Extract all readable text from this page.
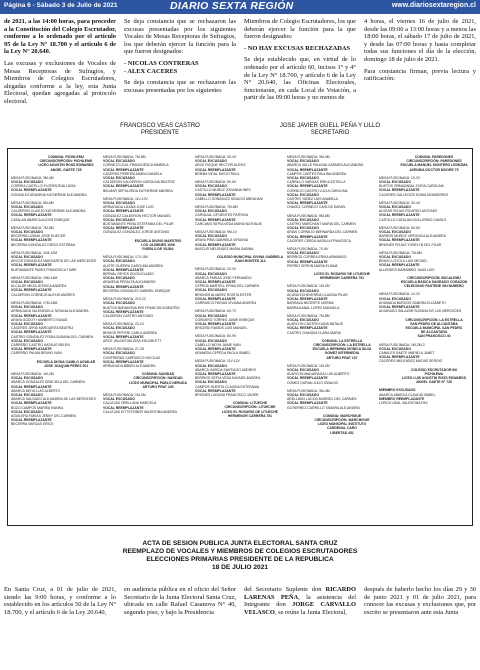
Página 6 - Sábado 3 de Julio de 2021	DIARIO SEXTA REGIÓN	www.diariosextaregion.cl

de 2021, a las 14:00 horas, para proceder a la Constitución del Colegio Escrutador, conforme a lo ordenado por el artículo 95 de la Ley N° 18.700 y el artículo 6 de la Ley N° 20.640.

Las excusas y exclusiones de Vocales de Mesas Receptoras de Sufragios, y Miembros de Colegios Escrutadores, alegadas conforme a la ley, esta Junta Electoral, quedan agregadas al protocolo electoral.

Se deja constancia que se rechazaron las excusas presentadas por los siguientes Vocales de Mesas Receptoras de Sufragios, los que deberán ejercer la función para la que fueron designados:

- NICOLAS CONTRERAS

- ALEX CACERES

Se deja constancia que se rechazaron las excusas presentadas por los siguientes

Miembros de Colegio Escrutadores, los que deberán ejercer la función para la que fueron designados:

- NO HAY EXCUSAS RECHAZADAS

Se deja establecido que, en virtud de lo ordenado por el artículo 60, incisos 1° y 4° de la Ley N° 18.700, y artículo 6 de la Ley N° 20.640, las Oficinas Electorales, funcionarán, en cada Local de Votación, a partir de las 09:00 horas y no menos de

4 horas, el viernes 16 de julio de 2021, desde las 09:00 a 13:00 horas y a menos las 18:00 horas, el sábado 17 de julio de 2021, y desde las 07:00 horas y hasta completar todas sus funciones el día de la elección, domingo 18 de julio de 2021.

Para constancia firman, previa lectura y ratificación:

FRANCISCO VEAS CASTRO
PRESIDENTE
JOSE JAVIER GUELL PEÑA Y LILLO
SECRETARIO
COMUNA: PICHILEMU
CIRCUNSCRIPCIÓN: PICHILEMU
LICEO AGUSTIN ROSS EDWARDS
ANGEL GAETE 725
MESA FUSIONADA: 3M-4M
VOCAL EXCUSADO
CORREA CASTILLO FLORENTINA LUISA
VOCAL REEMPLAZANTE
GONZALEZ ARAVENA KATHERINE ALEJANDRA
MESA FUSIONADA: 5M-6M
VOCAL EXCUSADO
CALDERON CLAVIJO KATHERINE ALEJANDRA
VOCAL REEMPLAZANTE
CATALAN ABARCA ALEXIS ENRIQUE
MESA FUSIONADA: 7M-8M
VOCAL EXCUSADO
BECERRA LIZAMA JOSE ELIECER
VOCAL REEMPLAZANTE
BECERRA GONZALEZ DIEGO ESTEBAN
MESA FUSIONADA: 11M-12M
VOCAL EXCUSADO
ARCOS GONZALEZ MARGARITA DE LAS MERCEDES
VOCAL REEMPLAZANTE
BUSTAMANTE PAVEZ FRANCISCA TIARE
MESA FUSIONADA: 15M-16M
VOCAL EXCUSADO
ALCALDE MEZA JESSICA ANDREA
VOCAL REEMPLAZANTE
CALDERON CORNEJO ALEXIS ANDRES
MESA FUSIONADA: 17M-18M
VOCAL EXCUSADO
ARRIAGADA VALENZUELA TATIANA ALEJANDRA
VOCAL REEMPLAZANTE
ARAYA GODOY HUMBERTO ISAIAS
VOCAL EXCUSADO
CACERES JERIA MARGARITA BEATRIZ
VOCAL REEMPLAZANTE
CASTRO GONZALEZ FRIDA SUSANA DEL CARMEN
VOCAL EXCUSADO
CARREÑO CASTRO NATALIE BELEN
VOCAL REEMPLAZANTE
CARREÑO PALMA BRUNO IVAN
ESCUELA DIGNA CAMILO AGUILAR
JOSE JOAQUIN PEREZ 201
MESA FUSIONADA: 1M-2M
VOCAL EXCUSADO
ABARCA GONZALEZ GRACIELA DEL CARMEN
VOCAL REEMPLAZANTE
ABARCA MOYA LUIS ALBERTO
VOCAL EXCUSADO
ABARCA SALGADO ALEJANDRA DE LAS MERCEDES
VOCAL REEMPLAZANTE
BOZO CAMPOS MARISA IVANKA
VOCAL EXCUSADO
AGUILERA FARIAS JENNY DEL CARMEN
VOCAL REEMPLAZANTE
BECERRA VARGAS ERICK
MESA FUSIONADA: 7M-8M
VOCAL EXCUSADO
CORNEJO LEAL FRANCHESCA MARIELA
VOCAL REEMPLAZANTE
CACERES PEREIRA MARIA DANIELA
VOCAL EXCUSADO
CALDERON CALDERON CAROLINA BEATRIZ
VOCAL REEMPLAZANTE
BELMAR SEPULVEDA KATHERINE ANDREA
MESA FUSIONADA: 11V-12V
VOCAL EXCUSADO
ARRIAGADA LIZANA JOSE LUIS
VOCAL REEMPLAZANTE
GONZALEZ CALDERON HECTOR MANUEL
VOCAL EXCUSADO
BUSTAMANTE PEÑA ESTEFANIA DEL PILAR
VOCAL REEMPLAZANTE
GONZALEZ GONZALEZ JORGE ANTONIO
ESCUELA DIVINO MAESTRO
LOS JAZMINES 1006
PUEBLO DE VIUDA
MESA FUSIONADA: 17V-18V
VOCAL EXCUSADO
ALISTE GUERRA CAROLINA ANDREA
VOCAL REEMPLAZANTE
BERNAL REYES DIXON ELADIO
VOCAL EXCUSADO
ARAVENA PERALTA ALEJANDRO
VOCAL REEMPLAZANTE
BECERRA GONZALEZ GABRIEL ENRIQUE
MESA FUSIONADA: 21V-22
VOCAL EXCUSADO
BUSTOS BARAHONA IRIS FRANCISCA BEATRIZ
VOCAL REEMPLAZANTE
CALDERON CASTRO ANTONIO
MESA FUSIONADA: 23-24
VOCAL EXCUSADO
BRIGGS PIFFERI CARLA ANDREA
VOCAL REEMPLAZANTE
ARCE VALDES MILISSA ESCARLETT
MESA FUSIONADA: 27-28
VOCAL EXCUSADO
CONTRERAS CARRASCO NICOLAS
VOCAL REEMPLAZANTE
ARRIAGADA BIBIEN ALEJANDRA
COMUNA: NAVIDAD
CIRCUNSCRIPCIÓN: NAVIDAD
LICEO MUNICIPAL PABLO NERUDA
ARTURO PRAT 245
MESA FUSIONADA: 1M-2M
VOCAL EXCUSADO
CALLEJAS ORELLANA MARCELA
VOCAL REEMPLAZANTE
CALLEJAS KITTSTEINER VALENTINA ANDREA
MESA FUSIONADA: 3V-4V
VOCAL EXCUSADO
ARCE ROQUE HECTOR ALEXIS
VOCAL REEMPLAZANTE
BRIEBA VIDAL DIEGO RAUL
MESA FUSIONADA: 5V-6V
VOCAL EXCUSADO
CASTILLO MUÑOZ JOHANNA INES
VOCAL REEMPLAZANTE
CABELLO GONZALEZ IGNACIO ABRAHAM
MESA FUSIONADA: 7M-8M
VOCAL EXCUSADO
CARVAJAL CIFUENTES PATRICIA
VOCAL REEMPLAZANTE
CARCAMO SEPULVEDA MARIA NATHALIE
MESA FUSIONADA: 9M-10
VOCAL EXCUSADO
ARAYA PIÑA GABRIELA VIRGINIA
VOCAL REEMPLAZANTE
BASCUR MELENDEZ MARIA SABINA
COLEGIO MUNICIPAL DIVINA GABRIELA
JUAN MONTES 114
MESA FUSIONADA: 2V-3V
VOCAL EXCUSADO
ABARCA FARIAS JOSE FERNANDO
VOCAL REEMPLAZANTE
CEPEDA MARTELL ERIKA DEL CARMEN
VOCAL EXCUSADO
BRIONES ALVAREZ ROSITA ESTER
VOCAL REEMPLAZANTE
CARRASCO FARIAS VIVIANA ANDREA
MESA FUSIONADA: 6V-7V
VOCAL EXCUSADO
CORDERO TORRES JAIME ENRIQUE
VOCAL REEMPLAZANTE
BRICEÑO RAMOS LUIS MANUEL
MESA FUSIONADA: 8V-9V
VOCAL EXCUSADO
CABELLO MOYA JAIME IVAN
VOCAL REEMPLAZANTE
ARANEDA CEPEDA PAOLA ISABEL
MESA FUSIONADA: 11V-12V
VOCAL EXCUSADO
ABARCA GARCIA SANTIAGO ANDRES
VOCAL REEMPLAZANTE
BERRIOS SEPULVEDA NAYADE ANDREA
VOCAL EXCUSADO
CAMPOS HUERTA CLAUDIA ESTEFANIA
VOCAL REEMPLAZANTE
BRIONES LAGUNA FRANCISCO JAVIER
COMUNA: LITUECHE
CIRCUNSCRIPCIÓN: LITUECHE
LICEO EL ROSARIO DE LITUECHE
HERMENOR CARRERA 751
MESA FUSIONADA: 3M-4M
VOCAL EXCUSADO
ABARCA VALLE PAULINA CARMEN ALEJANDRA
VOCAL REEMPLAZANTE
CAMPOS CARTES PAULINA ANDREA
VOCAL EXCUSADO
CARRILLO VARGAS ERIKA ESTELLA
VOCAL REEMPLAZANTE
CORNEJO CASTRO LUCIA CAROLINA
VOCAL EXCUSADO
CASTRO YAÑEZ LUIS ANABELA
VOCAL REEMPLAZANTE
CHAVEZ CORNEJO CARLOS DANIEL
MESA FUSIONADA: 5M-6M
VOCAL EXCUSADO
CASTRO MARCHANT MARIA DEL CARMEN
VOCAL EXCUSADO
ARIAS CORNEJO BERNARDA DEL CARMEN
VOCAL REEMPLAZANTE
CACERES CERDA NATALIA FRANCISCA
MESA FUSIONADA: 7V-8V
VOCAL EXCUSADO
BERRIOS CORREA ERIKA ARMANDO
VOCAL REEMPLAZANTE
PIERRO CERON MARIA ELIANA
LICEO EL ROSARIO DE LITUECHE
HERMENOR CARRERA 751
MESA FUSIONADA: 1M-2M
VOCAL EXCUSADO
ACUÑA ECHEVERRIA CLAUDIA PILAR
VOCAL REEMPLAZANTE
BARRAZA NEGRETE NORMA
BARRAGANAL LOPEZ MANUELA
MESA FUSIONADA: 7M-8M
VOCAL EXCUSADO
ALARCON CASTRO DANA NATALIE
VOCAL REEMPLAZANTE
CASTRO CHANDIA CLARA MARIA
COMUNA: LA ESTRELLA
CIRCUNSCRIPCIÓN: LA ESTRELLA
ESCUELA HERMINIA MONICA SILVA
GOMEZ INTERMEDIA
ARTURO PRAT 137
MESA FUSIONADA: 1M-2M
VOCAL EXCUSADO
ALARCON MADARIAGA LUIS ALBERTO
VOCAL REEMPLAZANTE
GOMEZ DURAN JULIO IGNACIO
MESA FUSIONADA: 3M-4M
VOCAL EXCUSADO
ARELLANO LAGOS MARISEL DEL CARMEN
VOCAL REEMPLAZANTE
GUTIERREZ CARRILLO TAMARA ALEJANDRA
COMUNA: MARCHIGUE
CIRCUNSCRIPCIÓN: MARCHIGUE
LICEO MUNICIPAL INSTITUTO
CARDENAL CARO
LIBERTAD 451
COMUNA: PAREDONES
CIRCUNSCRIPCIÓN: PAREDONES
ESCUELA MANUEL MONTERO LEDEZMA
AVENIDA DOCTOR MOORE 75
MESA FUSIONADA: 1V-2V
VOCAL EXCUSADO
BUSTOS ORMAZABAL SOFIA CAROLINA
VOCAL REEMPLAZANTE
CACERES GALLEGOS SONIA MONSERRAT
MESA FUSIONADA: 3V-4V
VOCAL EXCUSADO
ALVEAR ROJAS RICARDO ANTONIO
VOCAL REEMPLAZANTE
CASTILLO CATALAN GUILLERMO CAMILO
MESA FUSIONADA: 5V-6V
VOCAL EXCUSADO
BARROS MUÑOZ VERONICA ALEJANDRA
VOCAL REEMPLAZANTE
BRIONES ROJAS YOSELYN DEL PILAR
MESA FUSIONADA: 7M-8M
VOCAL EXCUSADO
BRAVO LOYOLA LUIS MIGUEL
VOCAL REEMPLAZANTE
ALLENDES MARAMBIO JUAN LUIS
CIRCUNSCRIPCIÓN: BUCALEMU
ESCUELA BASICA SAGRADO CORAZON
CELEDONIO PASTENE SIN NUMERO
MESA FUSIONADA: 1V-2V
VOCAL EXCUSADO
AHUMADA BURGOS SANDRA ELIZABETH
VOCAL REEMPLAZANTE
ALVARADO SALAZAR SUSANA DE LAS MERCEDES
CIRCUNSCRIPCIÓN: LA ESTRELLA
SAN PEDRO DE ALCANTARA
ESCUELA MUNICIPAL SAN PEDRO
DE ALCANTARA
SAN FRANCISCO 40
MESA FUSIONADA: 1M-2M-3
VOCAL EXCUSADO
CANALES GAETE MARIELA JANET
VOCAL REEMPLAZANTE
CACERES MELENDEZ MATIAS SERGIO
COLEGIO ESCRUTADOR 6/6
PICHILEMU
LICEO LUIS AGUSTIN ROSS EDWARDS
ANGEL GAETE N° 725
MIEMBRO EXCUSADO
ABARCA ABARCA CLAUDIA ISABEL
MIEMBRO REEMPLAZANTE
LORCA VIDAL VALENTINA PAZ
ACTA DE SESION PUBLICA JUNTA ELECTORAL SANTA CRUZ
REEMPLAZO DE VOCALES Y MIEMBROS DE COLEGIOS ESCRUTADORES
ELECCIONES PRIMARIAS PRESIDENTE DE LA REPUBLICA
18 DE JULIO 2021
En Santa Cruz, a 01 de julio de 2021, siendo las 9:00 horas, y conforme a lo establecido en los artículos 50 de la Ley N° 18.700, y el artículo 6 de la Ley 20.640,
en audiencia pública en el oficio del Señor Secretario de la Junta Electoral Santa Cruz, ubicada en calle Rafael Casanova N° 40, segundo piso, y bajo la Presidencia
del Secretario Suplente don RICARDO LARENAS PEÑA, la asistencia del Integrante don JORGE CARVALLO VELASCO, se reúne la Junta Electoral,
después de haberlo hecho los días 29 y 30 de junio 2021 y 01 de julio 2021, para conocer las excusas y exclusiones que, por escrito se presentaron ante esta Junta
